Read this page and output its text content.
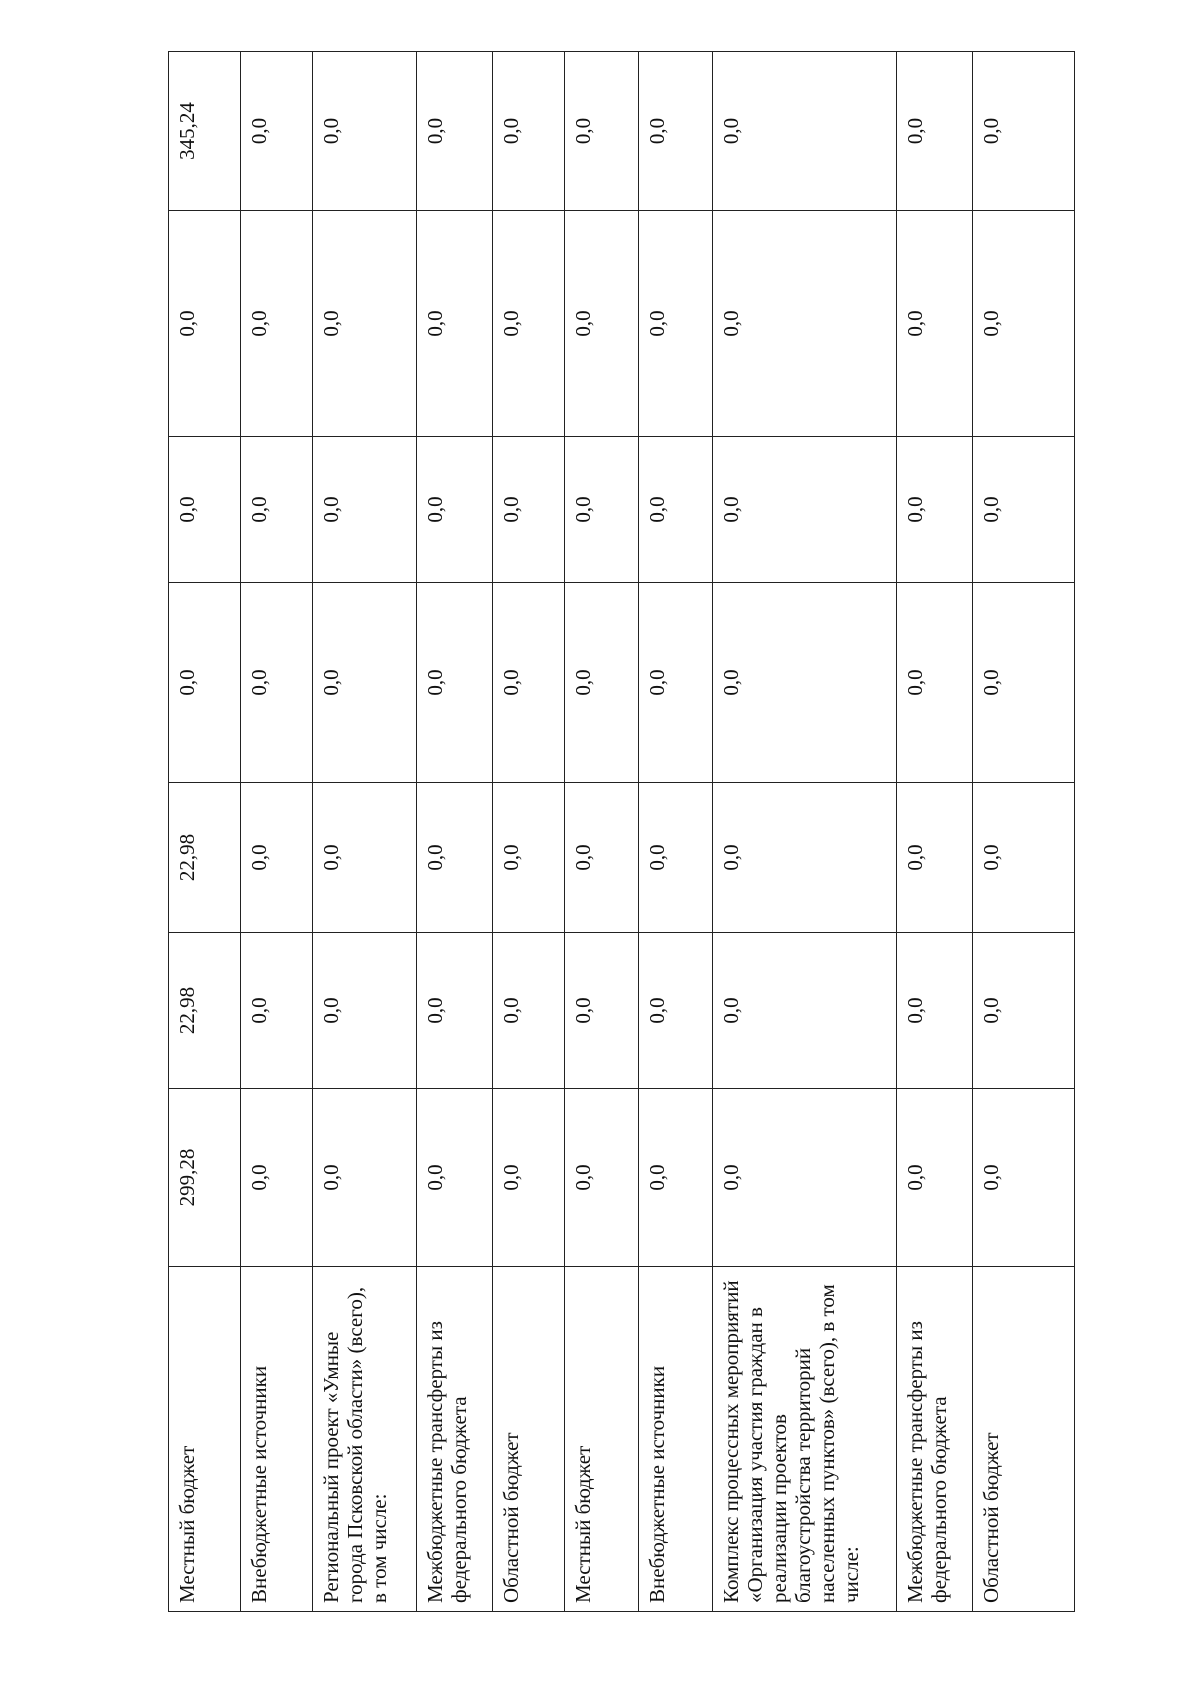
Местный бюджет	299,28	22,98	22,98	0,0	0,0	0,0	345,24
Внебюджетные источники	0,0	0,0	0,0	0,0	0,0	0,0	0,0
Региональный проект «Умные города Псковской области» (всего), в том числе:	0,0	0,0	0,0	0,0	0,0	0,0	0,0
Межбюджетные трансферты из федерального бюджета	0,0	0,0	0,0	0,0	0,0	0,0	0,0
Областной бюджет	0,0	0,0	0,0	0,0	0,0	0,0	0,0
Местный бюджет	0,0	0,0	0,0	0,0	0,0	0,0	0,0
Внебюджетные источники	0,0	0,0	0,0	0,0	0,0	0,0	0,0
Комплекс процессных мероприятий «Организация участия граждан в реализации проектов благоустройства территорий населенных пунктов» (всего), в том числе:	0,0	0,0	0,0	0,0	0,0	0,0	0,0
Межбюджетные трансферты из федерального бюджета	0,0	0,0	0,0	0,0	0,0	0,0	0,0
Областной бюджет	0,0	0,0	0,0	0,0	0,0	0,0	0,0
